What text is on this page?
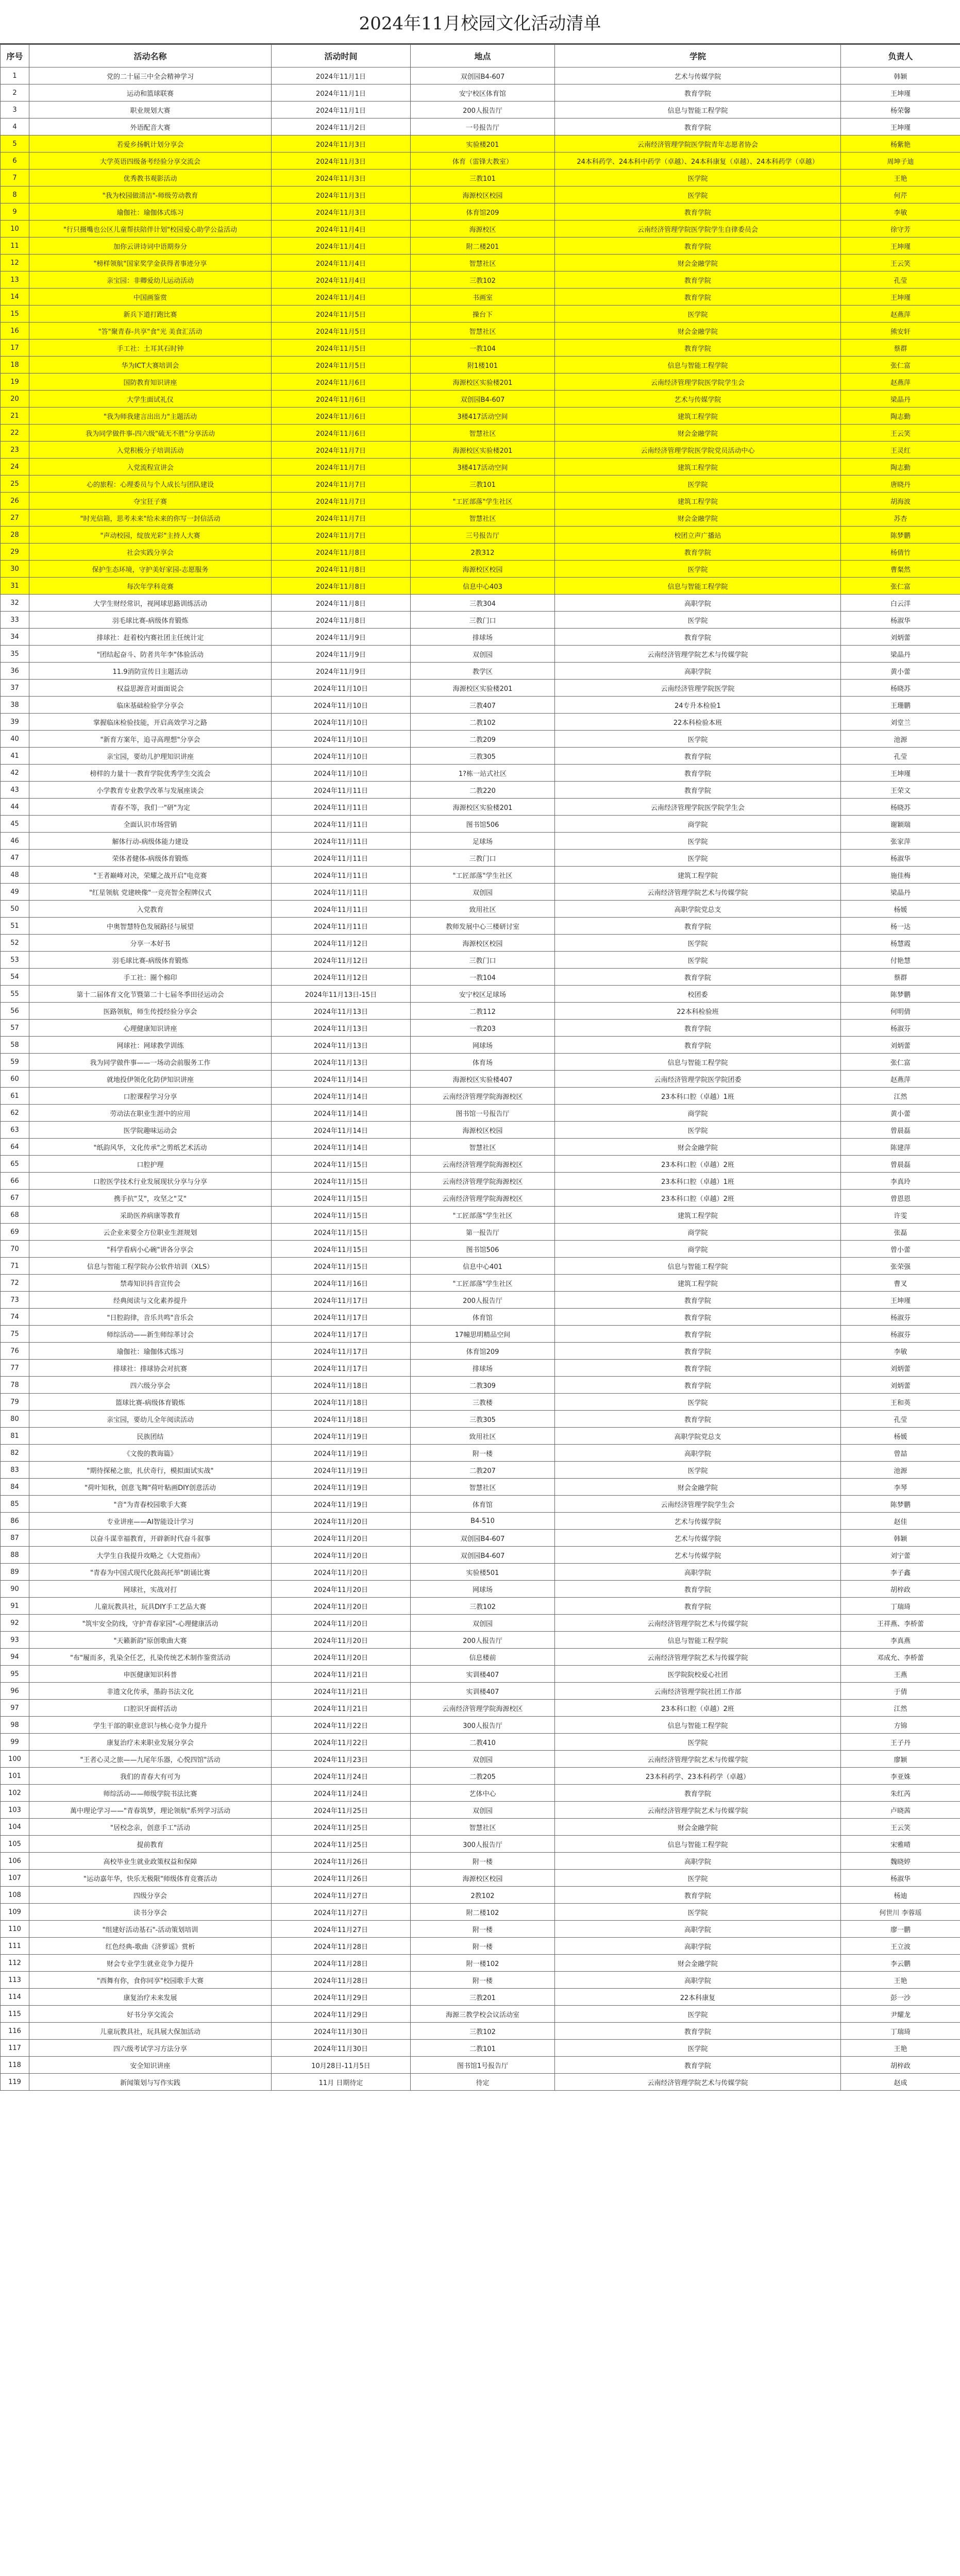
2024年11月校园文化活动清单
序号	活动名称	活动时间	地点	学院	负责人
1	党的二十届三中全会精神学习	2024年11月1日	双创园B4-607	艺术与传媒学院	韩颖
2	运动和篮球联赛	2024年11月1日	安宁校区体育馆	教育学院	王坤瑾
3	职业规划大赛	2024年11月1日	200人报告厅	信息与智能工程学院	杨荣馨
4	外语配音大赛	2024年11月2日	一号报告厅	教育学院	王坤瑾
5	若爱乡扬帆计划分享会	2024年11月3日	实验楼201	云南经济管理学院医学院青年志愿者协会	杨紫艳
6	大学英语四级备考经验分享交流会	2024年11月3日	体育（雷锋大教室）	24本科药学、24本科中药学（卓越）、24本科康复（卓越）、24本科药学（卓越）	周坤子迪
7	优秀教书观影活动	2024年11月3日	三教101	医学院	王艳
8	"我为校园做清洁"-师级劳动教育	2024年11月3日	海源校区校园	医学院	何芹
9	瑜伽社：瑜伽体式练习	2024年11月3日	体育馆209	教育学院	李敏
10	"行只摄嘴也公区儿童帮扶陪伴计划"校园爱心助学公益活动	2024年11月4日	海源校区	云南经济管理学院医学院学生自律委员会	徐守芳
11	加你云讲诗词中语期券分	2024年11月4日	附二楼201	教育学院	王坤瑾
12	"榜样领航"国家奖学金获得者事迹分享	2024年11月4日	智慧社区	财会金融学院	王云笑
13	亲宝园：非卿爱幼儿运动活动	2024年11月4日	三教102	教育学院	孔莹
14	中国画鉴赏	2024年11月4日	书画室	教育学院	王坤瑾
15	新兵下道打跑比赛	2024年11月5日	操台下	医学院	赵燕萍
16	"答"聚青春-共享"食"光 美食汇活动	2024年11月5日	智慧社区	财会金融学院	熊安轩
17	手工社：土耳其石时钟	2024年11月5日	一教104	教育学院	蔡群
18	华为ICT大赛培训会	2024年11月5日	附1楼101	信息与智能工程学院	张仁富
19	国防教育知识讲座	2024年11月6日	海源校区实验楼201	云南经济管理学院医学院学生会	赵燕萍
20	大学生面试礼仪	2024年11月6日	双创园B4-607	艺术与传媒学院	梁晶丹
21	"我为师我建言出出力"主题活动	2024年11月6日	3楼417活动空间	建筑工程学院	陶志勤
22	我为同学做件事-四六级"硫无不胜"分享活动	2024年11月6日	智慧社区	财会金融学院	王云笑
23	入党积极分子培训活动	2024年11月7日	海源校区实验楼201	云南经济管理学院医学院党员活动中心	王灵红
24	入党流程宣讲会	2024年11月7日	3楼417活动空间	建筑工程学院	陶志勤
25	心的旅程：心理委员与个人成长与团队建设	2024年11月7日	三教101	医学院	唐晓丹
26	夺宝狂子赛	2024年11月7日	"工匠部落"学生社区	建筑工程学院	胡海波
27	"时光信箱，思考未来"给未来的你写一封信活动	2024年11月7日	智慧社区	财会金融学院	苏杏
28	"声动校园，绽放光彩"主持人大赛	2024年11月7日	三号报告厅	校团立声广播站	陈梦鹏
29	社会实践分享会	2024年11月8日	2教312	教育学院	杨倩竹
30	保护生态环境，守护美好家园-志愿服务	2024年11月8日	海源校区校园	医学院	曹粲然
31	每次年学科竞赛	2024年11月8日	信息中心403	信息与智能工程学院	张仁富
32	大学生财经常识，视网球思路训练活动	2024年11月8日	三教304	高职学院	白云洋
33	羽毛球比赛-病级体育锻炼	2024年11月8日	三教门口	医学院	杨淑华
34	排球社：赶着校内赛社团主任统计定	2024年11月9日	排球场	教育学院	刘炳蕾
35	"团结起奋斗、防者共年李"体验活动	2024年11月9日	双创园	云南经济管理学院艺术与传媒学院	梁晶丹
36	11.9消防宣传日主题活动	2024年11月9日	教学区	高职学院	黄小蕾
37	权益思源音对面面说会	2024年11月10日	海源校区实验楼201	云南经济管理学院医学院	杨晓苏
38	临床基础检验学分享会	2024年11月10日	三教407	24专升本检验1	王珊鹏
39	掌握临床检验技能，开启高效学习之路	2024年11月10日	二教102	22本科检验本班	刘堂兰
40	"新育方案年，追寻高理想"分享会	2024年11月10日	二教209	医学院	池源
41	亲宝园，要幼儿护理知识讲座	2024年11月10日	三教305	教育学院	孔莹
42	榜样的力量十一教育学院优秀学生交流会	2024年11月10日	1?栋一站式社区	教育学院	王坤瑾
43	小学教育专业教学改革与发展座谈会	2024年11月11日	二教220	教育学院	王荣文
44	青春不等，我们一"研"为定	2024年11月11日	海源校区实验楼201	云南经济管理学院医学院学生会	杨晓苏
45	全面认识市场营销	2024年11月11日	图书馆506	商学院	谢颖瑞
46	解体行动-病级体能力建设	2024年11月11日	足球场	医学院	张家萍
47	荣体者健体-病级体育锻炼	2024年11月11日	三教门口	医学院	杨淑华
48	"王者巅峰对决，荣耀之战开启"电竞赛	2024年11月11日	"工匠部落"学生社区	建筑工程学院	施佳梅
49	"红星领航 党建映像"一竞亮智全程牌仪式	2024年11月11日	双创园	云南经济管理学院艺术与传媒学院	梁晶丹
50	入党教育	2024年11月11日	致用社区	高职学院党总支	杨媛
51	中奥智慧特色发展路径与展望	2024年11月11日	教师发展中心三楼研讨室	教育学院	杨一达
52	分享一本好书	2024年11月12日	海源校区校园	医学院	杨慧霞
53	羽毛球比赛-病级体育锻炼	2024年11月12日	三教门口	医学院	付艳慧
54	手工社：圈个棉印	2024年11月12日	一教104	教育学院	蔡群
55	第十二届体育文化节暨第二十七届冬季田径运动会	2024年11月13日-15日	安宁校区足球场	校团委	陈梦鹏
56	医路领航，师生传授经验分享会	2024年11月13日	二教112	22本科检验班	何明倩
57	心理健康知识讲座	2024年11月13日	一教203	教育学院	杨淑芬
58	网球社：网球教学训练	2024年11月13日	网球场	教育学院	刘炳蕾
59	我为同学做件事——一场动会前服务工作	2024年11月13日	体育场	信息与智能工程学院	张仁富
60	就地投伊领化化防伊知识讲座	2024年11月14日	海源校区实验楼407	云南经济管理学院医学院团委	赵燕萍
61	口腔课程学习分享	2024年11月14日	云南经济管理学院海源校区	23本科口腔（卓越）1班	江然
62	劳动法在职业生涯中的应用	2024年11月14日	图书馆一号报告厅	商学院	黄小蕾
63	医学院趣味运动会	2024年11月14日	海源校区校园	医学院	曾晨磊
64	"纸韵风华，文化传承"之剪纸艺术活动	2024年11月14日	智慧社区	财会金融学院	陈建萍
65	口腔护理	2024年11月15日	云南经济管理学院海源校区	23本科口腔（卓越）2班	曾晨磊
66	口腔医学技术行业发展现状分享与分享	2024年11月15日	云南经济管理学院海源校区	23本科口腔（卓越）1班	李真玲
67	携手抗"艾"，攻坚之"艾"	2024年11月15日	云南经济管理学院海源校区	23本科口腔（卓越）2班	曾恩恩
68	采助医养病康等教育	2024年11月15日	"工匠部落"学生社区	建筑工程学院	许雯
69	云企业来要全方位职业生涯规划	2024年11月15日	第一报告厅	商学院	张磊
70	"科学看病小心碗"讲各分享会	2024年11月15日	图书馆506	商学院	曾小蕾
71	信息与智能工程学院办公软件培训（XLS）	2024年11月15日	信息中心401	信息与智能工程学院	张荣强
72	禁毒知识抖音宣传会	2024年11月16日	"工匠部落"学生社区	建筑工程学院	曹叉
73	经典阅读与文化素养提升	2024年11月17日	200人报告厅	教育学院	王坤瑾
74	"日腔韵律，音乐共鸣"音乐会	2024年11月17日	体育馆	教育学院	杨淑芬
75	师综活动——新生师综革讨会	2024年11月17日	17幢思明精品空间	教育学院	杨淑芬
76	瑜伽社：瑜伽体式练习	2024年11月17日	体育馆209	教育学院	李敏
77	排球社：排球协会对抗赛	2024年11月17日	排球场	教育学院	刘炳蕾
78	四六级分享会	2024年11月18日	二教309	教育学院	刘炳蕾
79	篮球比赛-病级体育锻炼	2024年11月18日	三教楼	医学院	王和英
80	亲宝园，要幼儿全年阅读活动	2024年11月18日	三教305	教育学院	孔莹
81	民族团结	2024年11月19日	致用社区	高职学院党总支	杨媛
82	《文俊的教诲篇》	2024年11月19日	附一楼	高职学院	曾喆
83	"期待探秘之旅，扎伏奇行，模拟面试实战"	2024年11月19日	二教207	医学院	池源
84	"荷叶知秋，创意飞舞"荷叶粘画DIY创意活动	2024年11月19日	智慧社区	财会金融学院	李琴
85	"音"为青春校园歌手大赛	2024年11月19日	体育馆	云南经济管理学院学生会	陈梦鹏
86	专业讲座——AI智能设计学习	2024年11月20日	B4-510	艺术与传媒学院	赵佳
87	以奋斗谋幸福教育，开辟新时代奋斗叙事	2024年11月20日	双创园B4-607	艺术与传媒学院	韩颖
88	大学生自我提升攻略之《大党指南》	2024年11月20日	双创园B4-607	艺术与传媒学院	刘宁蕾
89	"青春为中国式现代化鼓高托举"朗诵比赛	2024年11月20日	实验楼501	高职学院	李子鑫
90	网球社，实战对打	2024年11月20日	网球场	教育学院	胡梓政
91	儿童玩教具社，玩具DIY手工艺品大赛	2024年11月20日	三教102	教育学院	丁瑞琦
92	"筑牢安全防线，守护青春家园"-心理健康活动	2024年11月20日	双创园	云南经济管理学院艺术与传媒学院	王祥燕、李桥蕾
93	"天籁新韵"原创歌曲大赛	2024年11月20日	200人报告厅	信息与智能工程学院	李真燕
94	"布"履而多，乳染全任艺，扎染传统艺术制作鉴赏活动	2024年11月20日	信息楼前	云南经济管理学院艺术与传媒学院	邓成允、李桥蕾
95	申医健康知识科普	2024年11月21日	实训楼407	医学院院校爱心社团	王燕
96	非遗文化传承，墨韵书法文化	2024年11月21日	实训楼407	云南经济管理学院社团工作部	于倩
97	口腔识牙面样活动	2024年11月21日	云南经济管理学院海源校区	23本科口腔（卓越）2班	江然
98	学生干部的职业意识与核心竞争力提升	2024年11月22日	300人报告厅	信息与智能工程学院	方锦
99	康复治疗未来职业发展分享会	2024年11月22日	二教410	医学院	王子丹
100	"王者心灵之旅——九尾年乐器，心悦四馆"活动	2024年11月23日	双创园	云南经济管理学院艺术与传媒学院	廖颖
101	我们的青春大有可为	2024年11月24日	二教205	23本科药学、23本科药学（卓越）	李亚姝
102	师综活动——师级学院书法比赛	2024年11月24日	艺体中心	教育学院	朱红芮
103	萬中理论学习——"青春筑梦，理论领航"系列学习活动	2024年11月25日	双创园	云南经济管理学院艺术与传媒学院	卢晓茜
104	"居校念亲，创意手工"活动	2024年11月25日	智慧社区	财会金融学院	王云笑
105	提前教育	2024年11月25日	300人报告厅	信息与智能工程学院	宋雅晴
106	高校毕业生就业政策权益和保障	2024年11月26日	附一楼	高职学院	魏晓婷
107	"运动嘉年华，快乐无极限"师级体育竞赛活动	2024年11月26日	海源校区校园	医学院	杨淑华
108	四级分享会	2024年11月27日	2教102	教育学院	杨迪
109	读书分享会	2024年11月27日	附二楼102	医学院	何世川 李蓉瑶
110	"组建好活动基石"-活动策划培训	2024年11月27日	附一楼	高职学院	廖一鹏
111	红色经典-歌曲《济萝谣》赏析	2024年11月28日	附一楼	高职学院	王立波
112	财会专业学生就业竞争力提升	2024年11月28日	附一楼102	财会金融学院	李云鹏
113	"西舞有你，食你同享"校园歌手大赛	2024年11月28日	附一楼	高职学院	王艳
114	康复治疗未来发展	2024年11月29日	三教201	22本科康复	彭一沙
115	好书分享交流会	2024年11月29日	海源三教学校会议活动室	医学院	尹耀龙
116	儿童玩教具社，玩具展大保加活动	2024年11月30日	三教102	教育学院	丁瑞琦
117	四六级考试学习方法分享	2024年11月30日	二教101	医学院	王艳
118	安全知识讲座	10月28日-11月5日	图书馆1号报告厅	教育学院	胡梓政
119	新闻策划与写作实践	11月 日期待定	待定	云南经济管理学院艺术与传媒学院	赵成
